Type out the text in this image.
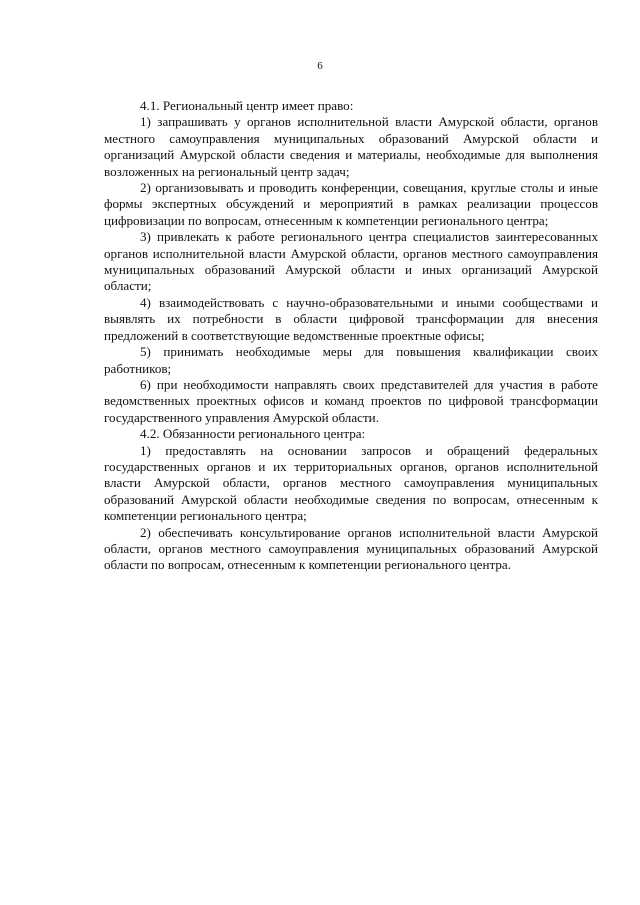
6

4.1. Региональный центр имеет право:

1) запрашивать у органов исполнительной власти Амурской области, органов местного самоуправления муниципальных образований Амурской области и организаций Амурской области сведения и материалы, необходимые для выполнения возложенных на региональный центр задач;

2) организовывать и проводить конференции, совещания, круглые столы и иные формы экспертных обсуждений и мероприятий в рамках реализации процессов цифровизации по вопросам, отнесенным к компетенции регионального центра;

3) привлекать к работе регионального центра специалистов заинтересованных органов исполнительной власти Амурской области, органов местного самоуправления муниципальных образований Амурской области и иных организаций Амурской области;

4) взаимодействовать с научно-образовательными и иными сообществами и выявлять их потребности в области цифровой трансформации для внесения предложений в соответствующие ведомственные проектные офисы;

5) принимать необходимые меры для повышения квалификации своих работников;

6) при необходимости направлять своих представителей для участия в работе ведомственных проектных офисов и команд проектов по цифровой трансформации государственного управления Амурской области.

4.2. Обязанности регионального центра:

1) предоставлять на основании запросов и обращений федеральных государственных органов и их территориальных органов, органов исполнительной власти Амурской области, органов местного самоуправления муниципальных образований Амурской области необходимые сведения по вопросам, отнесенным к компетенции регионального центра;

2) обеспечивать консультирование органов исполнительной власти Амурской области, органов местного самоуправления муниципальных образований Амурской области по вопросам, отнесенным к компетенции регионального центра.
